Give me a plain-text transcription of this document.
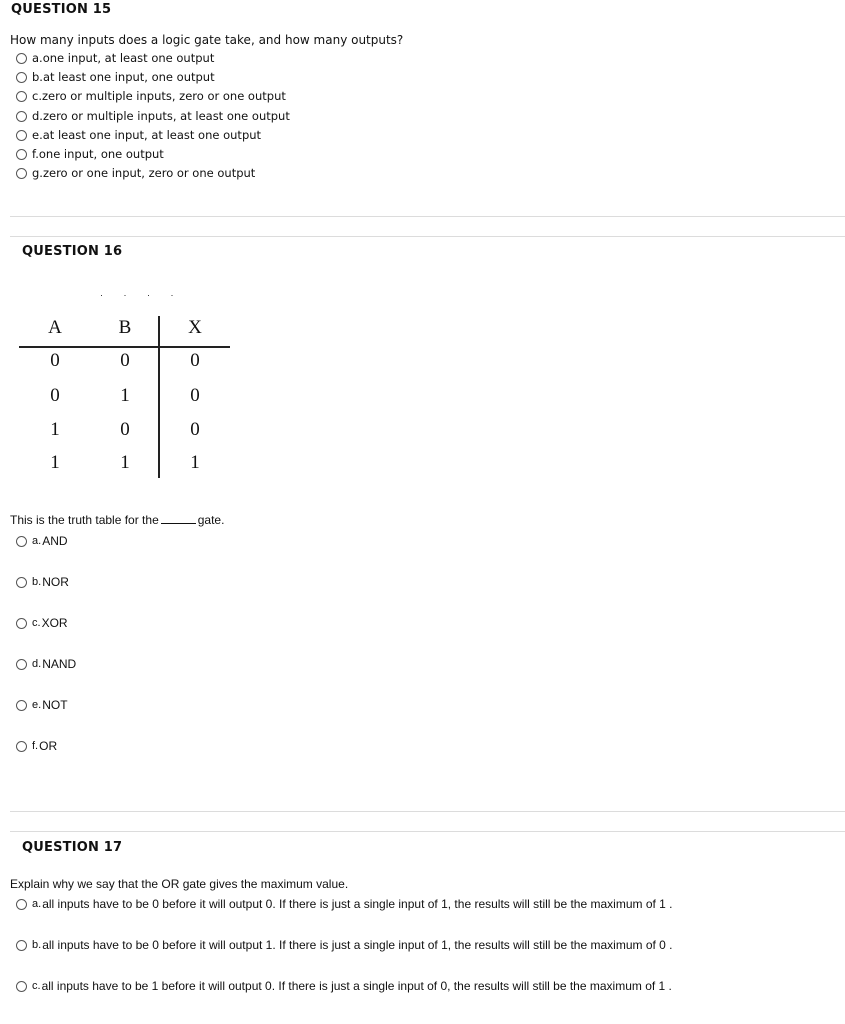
QUESTION 15
How many inputs does a logic gate take, and how many outputs?
a. one input, at least one output
b. at least one input, one output
c. zero or multiple inputs, zero or one output
d. zero or multiple inputs, at least one output
e. at least one input, at least one output
f. one input, one output
g. zero or one input, zero or one output
QUESTION 16
· · · ·
A	B	X
0	0	0
0	1	0
1	0	0
1	1	1
This is the truth table for the	gate.
a. AND
b. NOR
c. XOR
d. NAND
e. NOT
f. OR
QUESTION 17
Explain why we say that the OR gate gives the maximum value.
a. all inputs have to be 0 before it will output 0. If there is just a single input of 1, the results will still be the maximum of 1 .
b. all inputs have to be 0 before it will output 1. If there is just a single input of 1, the results will still be the maximum of 0 .
c. all inputs have to be 1 before it will output 0. If there is just a single input of 0, the results will still be the maximum of 1 .
